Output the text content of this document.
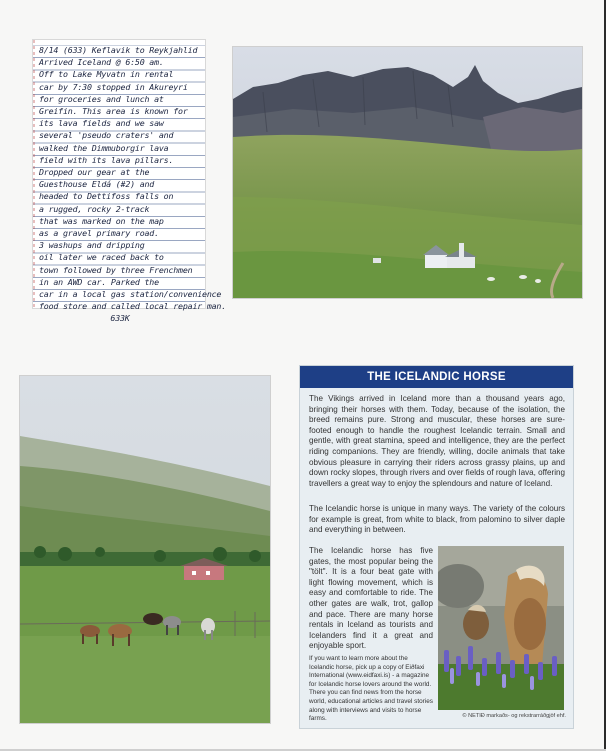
8/14 (633) Keflavik to Reykjahlid
Arrived Iceland @ 6:50 am.
Off to Lake Myvatn in rental
car by 7:30 stopped in Akureyri
for groceries and lunch at
Greifin. This area is known for
its lava fields and we saw
several 'pseudo craters' and
walked the Dimmuborgir lava
field with its lava pillars.
Dropped our gear at the
Guesthouse Eldá (#2) and
headed to Dettifoss falls on
a rugged, rocky 2-track
that was marked on the map
as a gravel primary road.
3 washups and dripping
oil later we raced back to
town followed by three Frenchmen
in an AWD car. Parked the
car in a local gas station/convenience
food store and called local repair man.
633K
THE ICELANDIC HORSE
The Vikings arrived in Iceland more than a thousand years ago, bringing their horses with them. Today, because of the isolation, the breed remains pure. Strong and muscular, these horses are sure-footed enough to handle the roughest Icelandic terrain. Small and gentle, with great stamina, speed and intelligence, they are the perfect riding companions. They are friendly, willing, docile animals that take obvious pleasure in carrying their riders across grassy plains, up and down rocky slopes, through rivers and over fields of rough lava, offering travellers a great way to enjoy the splendours and nature of Iceland.
The Icelandic horse is unique in many ways. The variety of the colours for example is great, from white to black, from palomino to silver daple and everything in between.
The Icelandic horse has five gates, the most popular being the "tölt". It is a four beat gate with light flowing movement, which is easy and comfortable to ride. The other gates are walk, trot, gallop and pace. There are many horse rentals in Iceland as tourists and Icelanders find it a great and enjoyable sport.
If you want to learn more about the Icelandic horse, pick up a copy of Eiðfaxi International (www.eidfaxi.is) - a magazine for Icelandic horse lovers around the world. There you can find news from the horse world, educational articles and travel stories along with interviews and visits to horse farms.	© NETIÐ markaðs- og rekstrarráðgjöf ehf.
